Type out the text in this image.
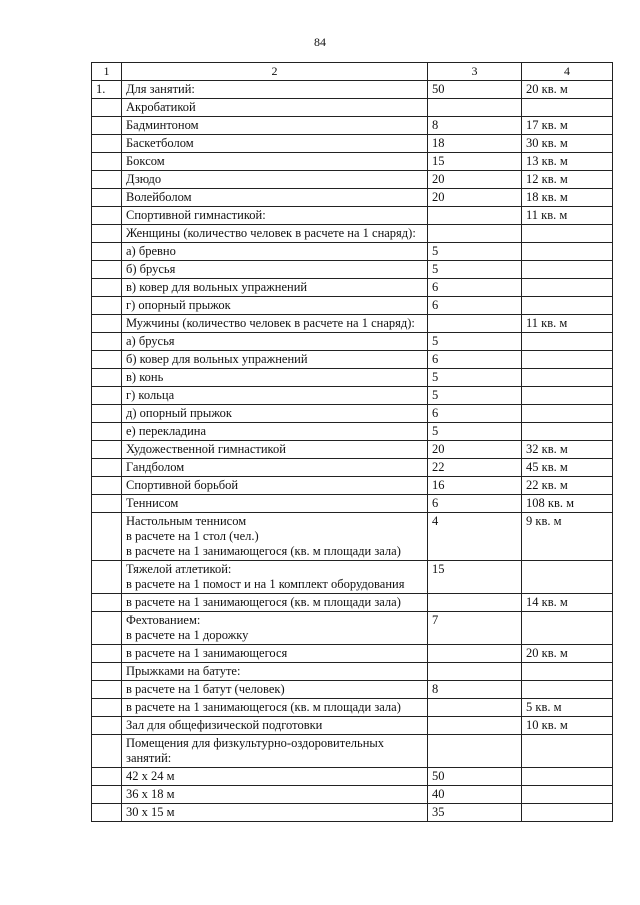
84
1	2	3	4
1.	Для занятий:	50	20 кв. м
	Акробатикой		
	Бадминтоном	8	17 кв. м
	Баскетболом	18	30 кв. м
	Боксом	15	13 кв. м
	Дзюдо	20	12 кв. м
	Волейболом	20	18 кв. м
	Спортивной гимнастикой:		11 кв. м
	Женщины (количество человек в расчете на 1 снаряд):		
	а) бревно	5	
	б) брусья	5	
	в) ковер для вольных упражнений	6	
	г) опорный прыжок	6	
	Мужчины (количество человек в расчете на 1 снаряд):		11 кв. м
	а) брусья	5	
	б) ковер для вольных упражнений	6	
	в) конь	5	
	г) кольца	5	
	д) опорный прыжок	6	
	е) перекладина	5	
	Художественной гимнастикой	20	32 кв. м
	Гандболом	22	45 кв. м
	Спортивной борьбой	16	22 кв. м
	Теннисом	6	108 кв. м
	Настольным теннисом
в расчете на 1 стол (чел.)
в расчете на 1 занимающегося (кв. м площади зала)	4	9 кв. м
	Тяжелой атлетикой:
в расчете на 1 помост и на 1 комплект оборудования	15	
	в расчете на 1 занимающегося (кв. м площади зала)		14 кв. м
	Фехтованием:
в расчете на 1 дорожку	7	
	в расчете на 1 занимающегося		20 кв. м
	Прыжками на батуте:		
	в расчете на 1 батут (человек)	8	
	в расчете на 1 занимающегося (кв. м площади зала)		5 кв. м
	Зал для общефизической подготовки		10 кв. м
	Помещения для физкультурно-оздоровительных занятий:		
	42 х 24 м	50	
	36 х 18 м	40	
	30 х 15 м	35	
